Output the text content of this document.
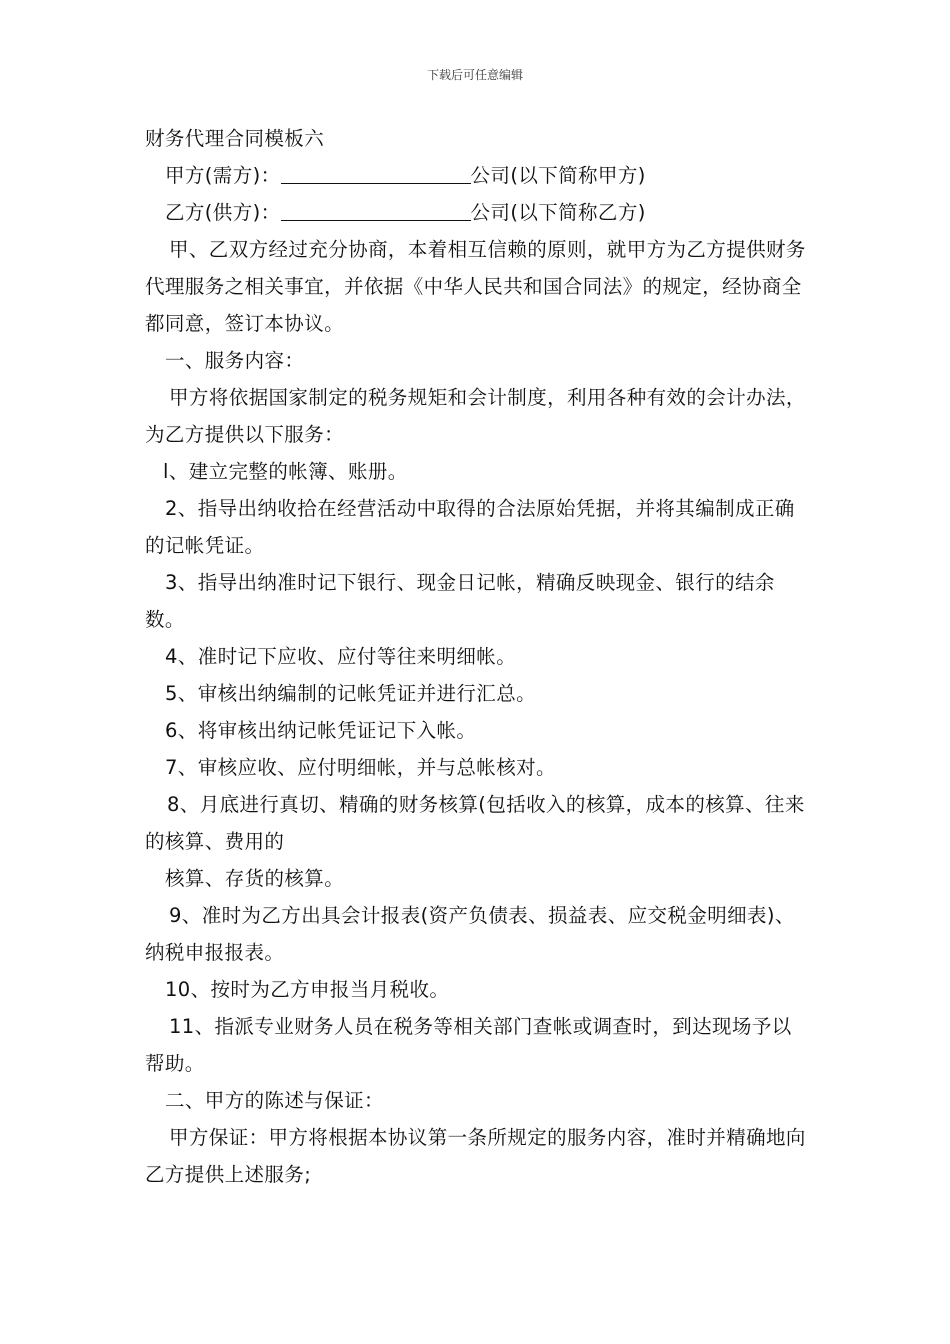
下载后可任意编辑

财务代理合同模板六

甲方(需方)：	公司(以下简称甲方)

乙方(供方)：	公司(以下简称乙方)

甲、乙双方经过充分协商，本着相互信赖的原则，就甲方为乙方提供财务代理服务之相关事宜，并依据《中华人民共和国合同法》的规定，经协商全都同意，签订本协议。

一、服务内容：

甲方将依据国家制定的税务规矩和会计制度，利用各种有效的会计办法，为乙方提供以下服务：

l、建立完整的帐簿、账册。

2、指导出纳收拾在经营活动中取得的合法原始凭据，并将其编制成正确的记帐凭证。

3、指导出纳准时记下银行、现金日记帐，精确反映现金、银行的结余数。

4、准时记下应收、应付等往来明细帐。

5、审核出纳编制的记帐凭证并进行汇总。

6、将审核出纳记帐凭证记下入帐。

7、审核应收、应付明细帐，并与总帐核对。

8、月底进行真切、精确的财务核算(包括收入的核算，成本的核算、往来的核算、费用的

核算、存货的核算。

9、准时为乙方出具会计报表(资产负债表、损益表、应交税金明细表)、纳税申报报表。

10、按时为乙方申报当月税收。

11、指派专业财务人员在税务等相关部门查帐或调查时，到达现场予以帮助。

二、甲方的陈述与保证：

甲方保证：甲方将根据本协议第一条所规定的服务内容，准时并精确地向乙方提供上述服务;
